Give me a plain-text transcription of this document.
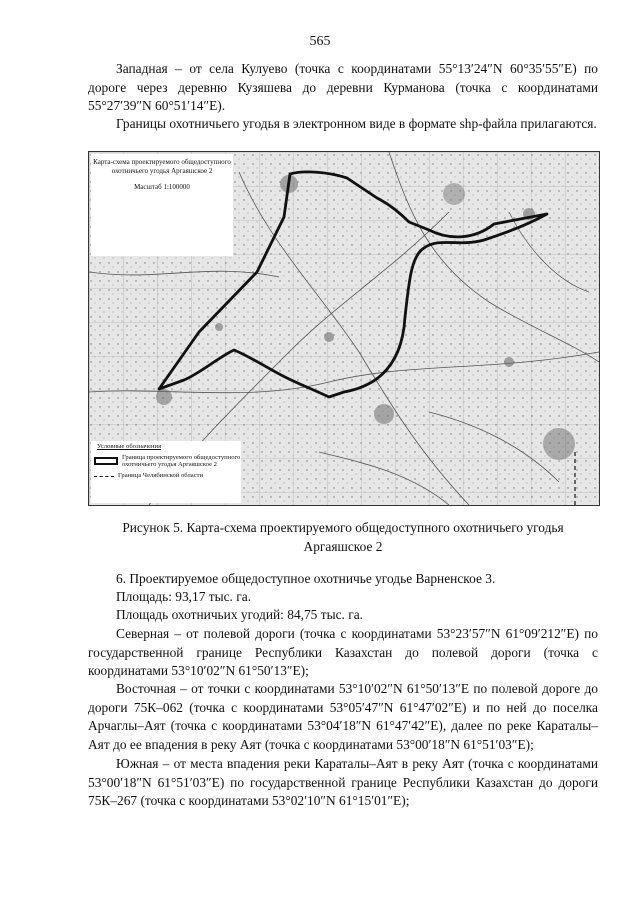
565

Западная – от села Кулуево (точка с координатами 55°13′24″N 60°35′55″E) по дороге через деревню Кузяшева до деревни Курманова (точка с координатами 55°27′39″N 60°51′14″E).

Границы охотничьего угодья в электронном виде в формате shp-файла прилагаются.

Карта-схема проектируемого общедоступного охотничьего угодья Аргаяшское 2
Масштаб 1:100000
Условные обозначения
Граница проектируемого общедоступного охотничьего угодья Аргаяшское 2
Граница Челябинской области
Рисунок 5. Карта-схема проектируемого общедоступного охотничьего угодья Аргаяшское 2

6. Проектируемое общедоступное охотничье угодье Варненское 3.

Площадь: 93,17 тыс. га.

Площадь охотничьих угодий: 84,75 тыс. га.

Северная – от полевой дороги (точка с координатами 53°23′57″N 61°09′212″E) по государственной границе Республики Казахстан до полевой дороги (точка с координатами 53°10′02″N 61°50′13″E);

Восточная – от точки с координатами 53°10′02″N 61°50′13″E по полевой дороге до дороги 75К–062 (точка с координатами 53°05′47″N 61°47′02″E) и по ней до поселка Арчаглы–Аят (точка с координатами 53°04′18″N 61°47′42″E), далее по реке Караталы–Аят до ее впадения в реку Аят (точка с координатами 53°00′18″N 61°51′03″E);

Южная – от места впадения реки Караталы–Аят в реку Аят (точка с координатами 53°00′18″N 61°51′03″E) по государственной границе Республики Казахстан до дороги 75К–267 (точка с координатами 53°02′10″N 61°15′01″E);
